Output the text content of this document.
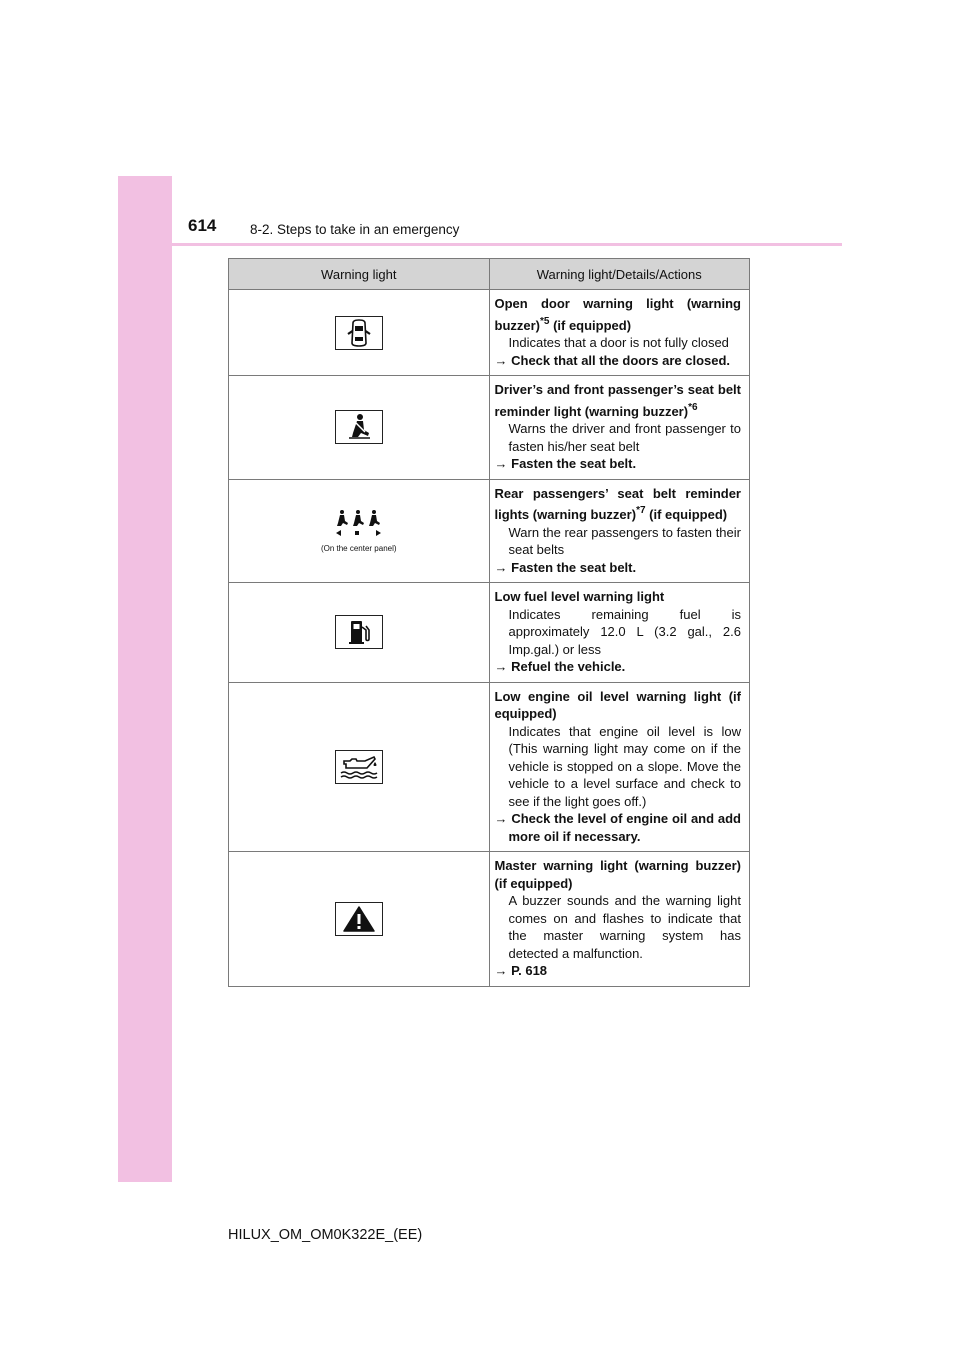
614 8-2. Steps to take in an emergency
Warning light	Warning light/Details/Actions

Open door warning light (warning buzzer)$^{*5}$ (if equipped)
Indicates that a door is not fully closed
→ Check that all the doors are closed.

Driver’s and front passenger’s seat belt reminder light (warning buzzer)$^{*6}$
Warns the driver and front passenger to fasten his/her seat belt
→ Fasten the seat belt.

(On the center panel)	Rear passengers’ seat belt reminder lights (warning buzzer)$^{*7}$ (if equipped)
Warn the rear passengers to fasten their seat belts
→ Fasten the seat belt.

Low fuel level warning light
Indicates remaining fuel is approximately 12.0 L (3.2 gal., 2.6 Imp.gal.) or less
→ Refuel the vehicle.

Low engine oil level warning light (if equipped)
Indicates that engine oil level is low (This warning light may come on if the vehicle is stopped on a slope. Move the vehicle to a level surface and check to see if the light goes off.)
→ Check the level of engine oil and add more oil if necessary.

Master warning light (warning buzzer) (if equipped)
A buzzer sounds and the warning light comes on and flashes to indicate that the master warning system has detected a malfunction.
→ P. 618
HILUX_OM_OM0K322E_(EE)
